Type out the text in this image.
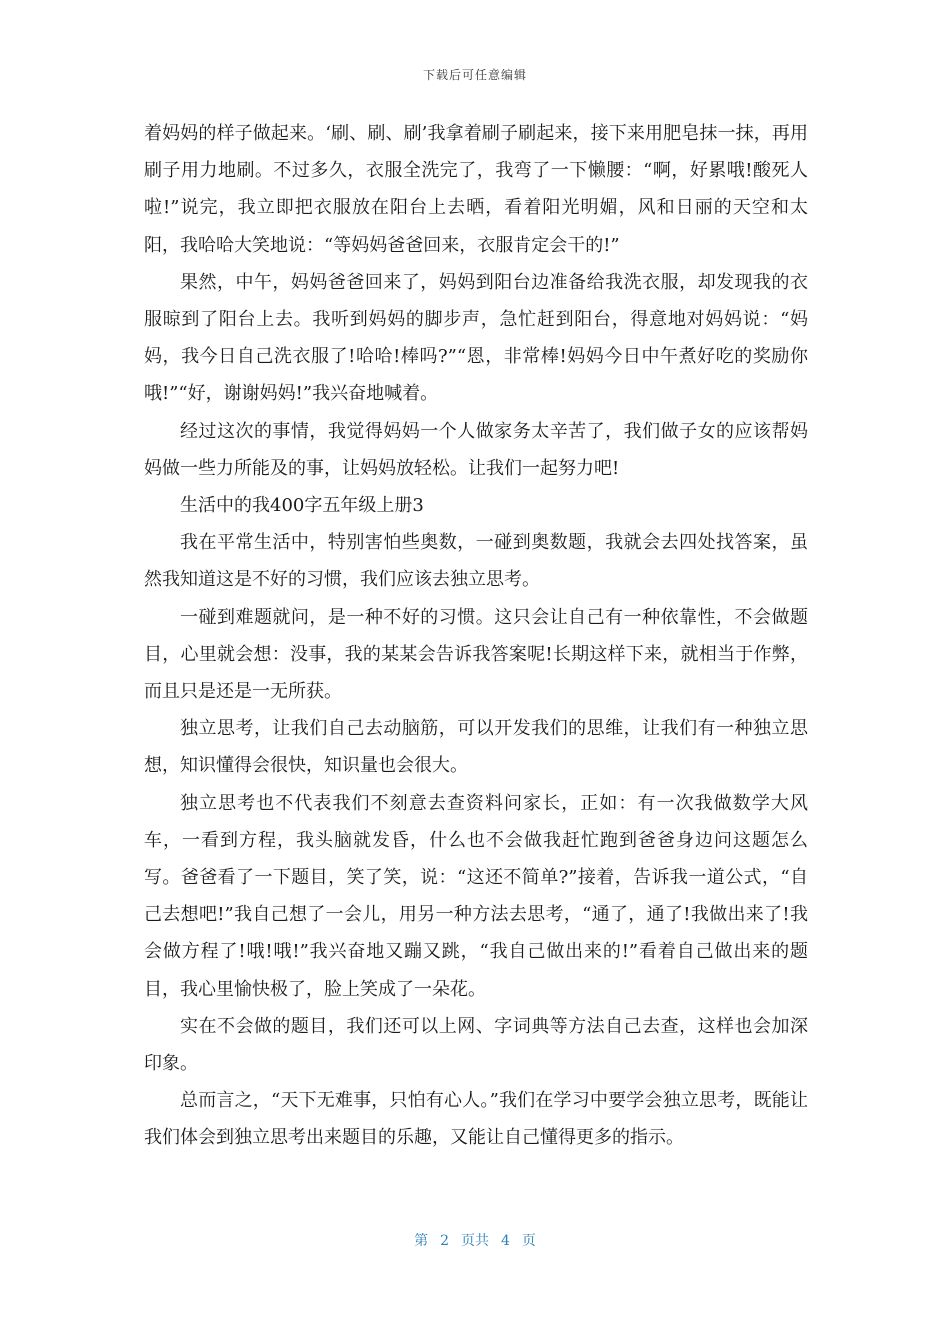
下载后可任意编辑

着妈妈的样子做起来。‘刷、刷、刷’我拿着刷子刷起来，接下来用肥皂抹一抹，再用刷子用力地刷。不过多久，衣服全洗完了，我弯了一下懒腰：“啊，好累哦!酸死人啦!”说完，我立即把衣服放在阳台上去晒，看着阳光明媚，风和日丽的天空和太阳，我哈哈大笑地说：“等妈妈爸爸回来，衣服肯定会干的!”

果然，中午，妈妈爸爸回来了，妈妈到阳台边准备给我洗衣服，却发现我的衣服晾到了阳台上去。我听到妈妈的脚步声，急忙赶到阳台，得意地对妈妈说：“妈妈，我今日自己洗衣服了!哈哈!棒吗?”“恩，非常棒!妈妈今日中午煮好吃的奖励你哦!”“好，谢谢妈妈!”我兴奋地喊着。

经过这次的事情，我觉得妈妈一个人做家务太辛苦了，我们做子女的应该帮妈妈做一些力所能及的事，让妈妈放轻松。让我们一起努力吧!

生活中的我400字五年级上册3

我在平常生活中，特别害怕些奥数，一碰到奥数题，我就会去四处找答案，虽然我知道这是不好的习惯，我们应该去独立思考。

一碰到难题就问，是一种不好的习惯。这只会让自己有一种依靠性，不会做题目，心里就会想：没事，我的某某会告诉我答案呢!长期这样下来，就相当于作弊，而且只是还是一无所获。

独立思考，让我们自己去动脑筋，可以开发我们的思维，让我们有一种独立思想，知识懂得会很快，知识量也会很大。

独立思考也不代表我们不刻意去查资料问家长，正如：有一次我做数学大风车，一看到方程，我头脑就发昏，什么也不会做我赶忙跑到爸爸身边问这题怎么写。爸爸看了一下题目，笑了笑，说：“这还不简单?”接着，告诉我一道公式，“自己去想吧!”我自己想了一会儿，用另一种方法去思考，“通了，通了!我做出来了!我会做方程了!哦!哦!”我兴奋地又蹦又跳，“我自己做出来的!”看着自己做出来的题目，我心里愉快极了，脸上笑成了一朵花。

实在不会做的题目，我们还可以上网、字词典等方法自己去查，这样也会加深印象。

总而言之，“天下无难事，只怕有心人。”我们在学习中要学会独立思考，既能让我们体会到独立思考出来题目的乐趣，又能让自己懂得更多的指示。

第 2 页共 4 页
